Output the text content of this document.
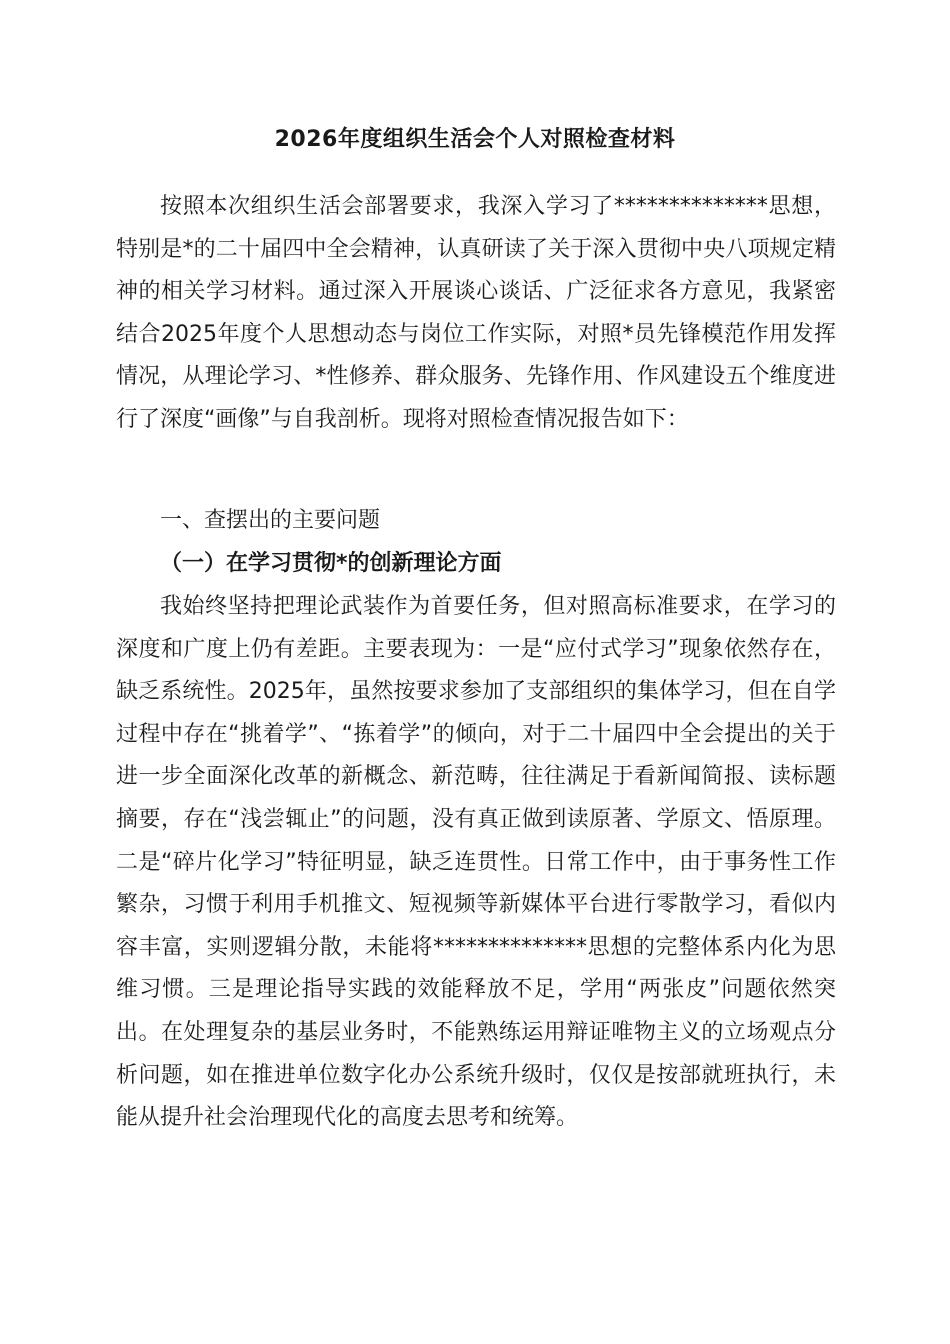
2026年度组织生活会个人对照检查材料

按照本次组织生活会部署要求，我深入学习了**************思想，特别是*的二十届四中全会精神，认真研读了关于深入贯彻中央八项规定精神的相关学习材料。通过深入开展谈心谈话、广泛征求各方意见，我紧密结合2025年度个人思想动态与岗位工作实际，对照*员先锋模范作用发挥情况，从理论学习、*性修养、群众服务、先锋作用、作风建设五个维度进行了深度“画像”与自我剖析。现将对照检查情况报告如下：

一、查摆出的主要问题

（一）在学习贯彻*的创新理论方面

我始终坚持把理论武装作为首要任务，但对照高标准要求，在学习的深度和广度上仍有差距。主要表现为：一是“应付式学习”现象依然存在，缺乏系统性。2025年，虽然按要求参加了支部组织的集体学习，但在自学过程中存在“挑着学”、“拣着学”的倾向，对于二十届四中全会提出的关于进一步全面深化改革的新概念、新范畴，往往满足于看新闻简报、读标题摘要，存在“浅尝辄止”的问题，没有真正做到读原著、学原文、悟原理。二是“碎片化学习”特征明显，缺乏连贯性。日常工作中，由于事务性工作繁杂，习惯于利用手机推文、短视频等新媒体平台进行零散学习，看似内容丰富，实则逻辑分散，未能将**************思想的完整体系内化为思维习惯。三是理论指导实践的效能释放不足，学用“两张皮”问题依然突出。在处理复杂的基层业务时，不能熟练运用辩证唯物主义的立场观点分析问题，如在推进单位数字化办公系统升级时，仅仅是按部就班执行，未能从提升社会治理现代化的高度去思考和统筹。
